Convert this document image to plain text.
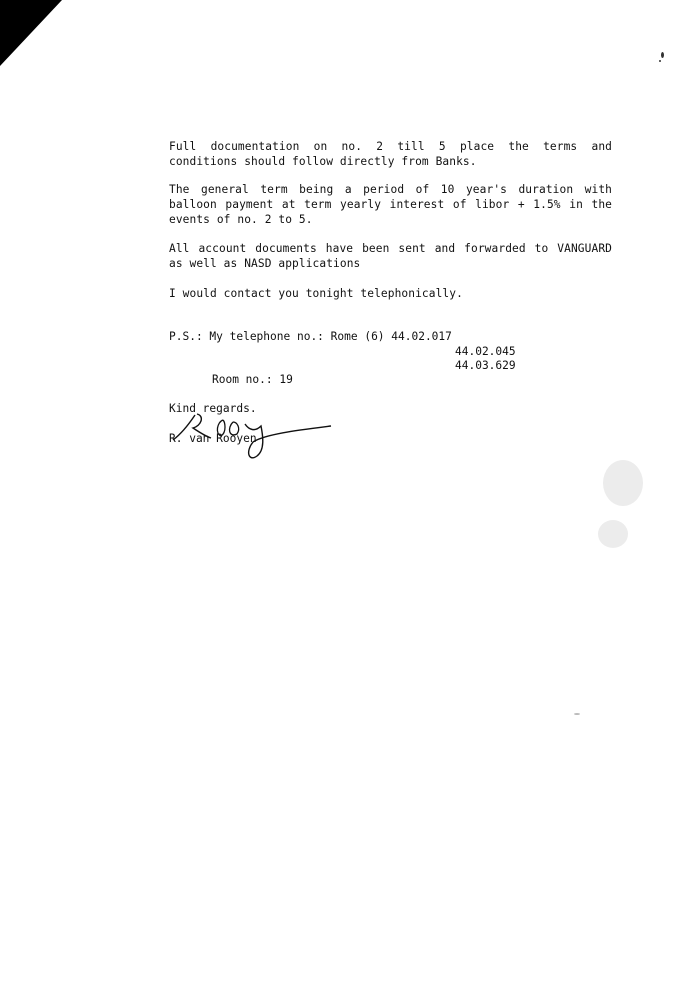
Full documentation on no. 2 till 5 place the terms and conditions should follow directly from Banks.

The general term being a period of 10 year's duration with balloon payment at term yearly interest of libor + 1.5% in the events of no. 2 to 5.

All account documents have been sent and forwarded to VANGUARD as well as NASD applications

I would contact you tonight telephonically.

P.S.: My telephone no.: Rome (6) 44.02.017
44.02.045
44.03.629
Room no.: 19
Kind regards.
R. van Rooyen
